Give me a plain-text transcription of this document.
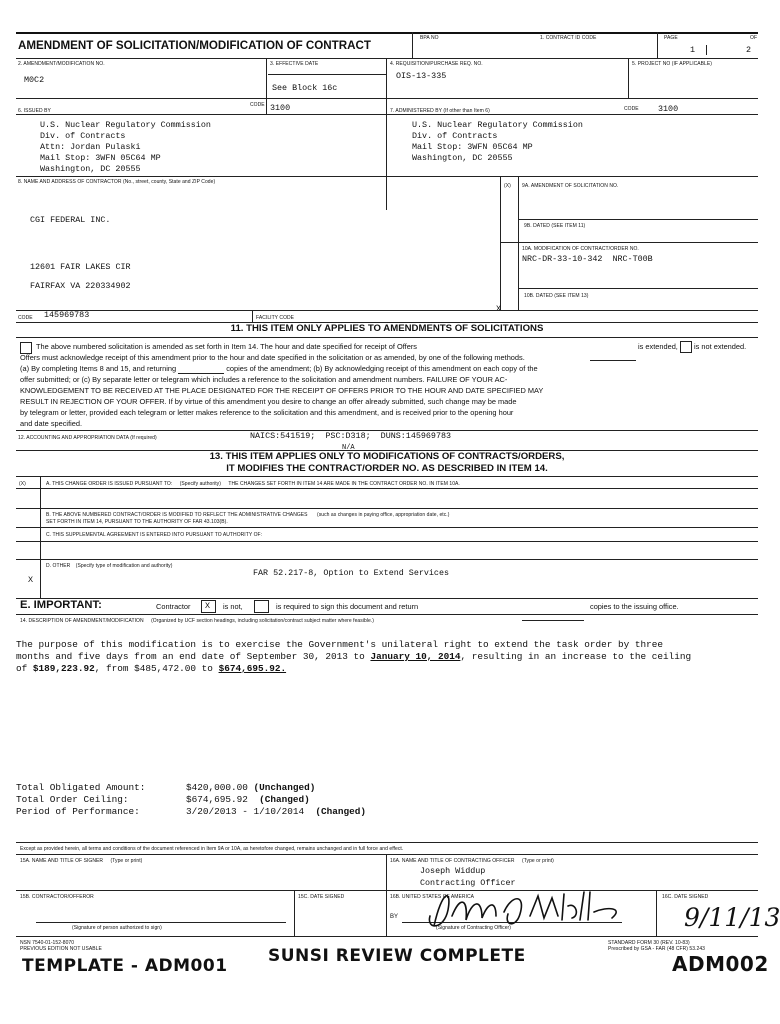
AMENDMENT OF SOLICITATION/MODIFICATION OF CONTRACT
BPA NO	1. CONTRACT ID CODE	PAGE	OF
1	2
2. AMENDMENT/MODIFICATION NO.
M0C2
3. EFFECTIVE DATE
See Block 16c
4. REQUISITION/PURCHASE REQ. NO.
OIS-13-335
5. PROJECT NO (IF APPLICABLE)
6. ISSUED BY
CODE 3100
U.S. Nuclear Regulatory Commission
Div. of Contracts
Attn: Jordan Pulaski
Mail Stop: 3WFN 05C64 MP
Washington, DC 20555
7. ADMINISTERED BY (If other than Item 6)	CODE 3100
U.S. Nuclear Regulatory Commission
Div. of Contracts
Mail Stop: 3WFN 05C64 MP
Washington, DC 20555
8. NAME AND ADDRESS OF CONTRACTOR (No., street, county, State and ZIP Code)
CGI FEDERAL INC.
12601 FAIR LAKES CIR
FAIRFAX VA 220334902
(X) 9A. AMENDMENT OF SOLICITATION NO.
9B. DATED (SEE ITEM 11)
10A. MODIFICATION OF CONTRACT/ORDER NO.
NRC-DR-33-10-342  NRC-T00B
10B. DATED (SEE ITEM 13)
X
CODE 145969783	FACILITY CODE
11. THIS ITEM ONLY APPLIES TO AMENDMENTS OF SOLICITATIONS
The above numbered solicitation is amended as set forth in Item 14. The hour and date specified for receipt of Offers	is extended, is not extended.
Offers must acknowledge receipt of this amendment prior to the hour and date specified in the solicitation or as amended, by one of the following methods.
(a) By completing Items 8 and 15, and returning	copies of the amendment; (b) By acknowledging receipt of this amendment on each copy of the
offer submitted; or (c) By separate letter or telegram which includes a reference to the solicitation and amendment numbers. FAILURE OF YOUR AC-
KNOWLEDGEMENT TO BE RECEIVED AT THE PLACE DESIGNATED FOR THE RECEIPT OF OFFERS PRIOR TO THE HOUR AND DATE SPECIFIED MAY
RESULT IN REJECTION OF YOUR OFFER. If by virtue of this amendment you desire to change an offer already submitted, such change may be made
by telegram or letter, provided each telegram or letter makes reference to the solicitation and this amendment, and is received prior to the opening hour
and date specified.
12. ACCOUNTING AND APPROPRIATION DATA (If required)	NAICS:541519;  PSC:D318;  DUNS:145969783
N/A
13. THIS ITEM APPLIES ONLY TO MODIFICATIONS OF CONTRACTS/ORDERS,
IT MODIFIES THE CONTRACT/ORDER NO. AS DESCRIBED IN ITEM 14.
(X)	A. THIS CHANGE ORDER IS ISSUED PURSUANT TO: (Specify authority) THE CHANGES SET FORTH IN ITEM 14 ARE MADE IN THE CONTRACT ORDER NO. IN ITEM 10A.
B. THE ABOVE NUMBERED CONTRACT/ORDER IS MODIFIED TO REFLECT THE ADMINISTRATIVE CHANGES (such as changes in paying office, appropriation date, etc.)
SET FORTH IN ITEM 14, PURSUANT TO THE AUTHORITY OF FAR 43.103(B).
C. THIS SUPPLEMENTAL AGREEMENT IS ENTERED INTO PURSUANT TO AUTHORITY OF:
D. OTHER (Specify type of modification and authority)
FAR 52.217-8, Option to Extend Services
X
E. IMPORTANT:	Contractor X is not,	is required to sign this document and return	copies to the issuing office.
14. DESCRIPTION OF AMENDMENT/MODIFICATION (Organized by UCF section headings, including solicitation/contract subject matter where feasible.)
The purpose of this modification is to exercise the Government's unilateral right to extend the task order by three
months and five days from an end date of September 30, 2013 to January 10, 2014, resulting in an increase to the ceiling
of $189,223.92, from $485,472.00 to $674,695.92.
Total Obligated Amount:	$420,000.00 (Unchanged)
Total Order Ceiling:	$674,695.92 (Changed)
Period of Performance:	3/20/2013 - 1/10/2014 (Changed)
Except as provided herein, all terms and conditions of the document referenced in Item 9A or 10A, as heretofore changed, remains unchanged and in full force and effect.
15A. NAME AND TITLE OF SIGNER (Type or print)	16A. NAME AND TITLE OF CONTRACTING OFFICER (Type or print)
Joseph Widdup
Contracting Officer
15B. CONTRACTOR/OFFEROR
(Signature of person authorized to sign)
15C. DATE SIGNED	16B. UNITED STATES OF AMERICA
BY
(Signature of Contracting Officer)
16C. DATE SIGNED
9/11/13
NSN 7540-01-152-8070
PREVIOUS EDITION NOT USABLE
TEMPLATE - ADM001 SUNSI REVIEW COMPLETE
STANDARD FORM 30 (REV. 10-83)
Prescribed by GSA - FAR (48 CFR) 53.243
ADM002
